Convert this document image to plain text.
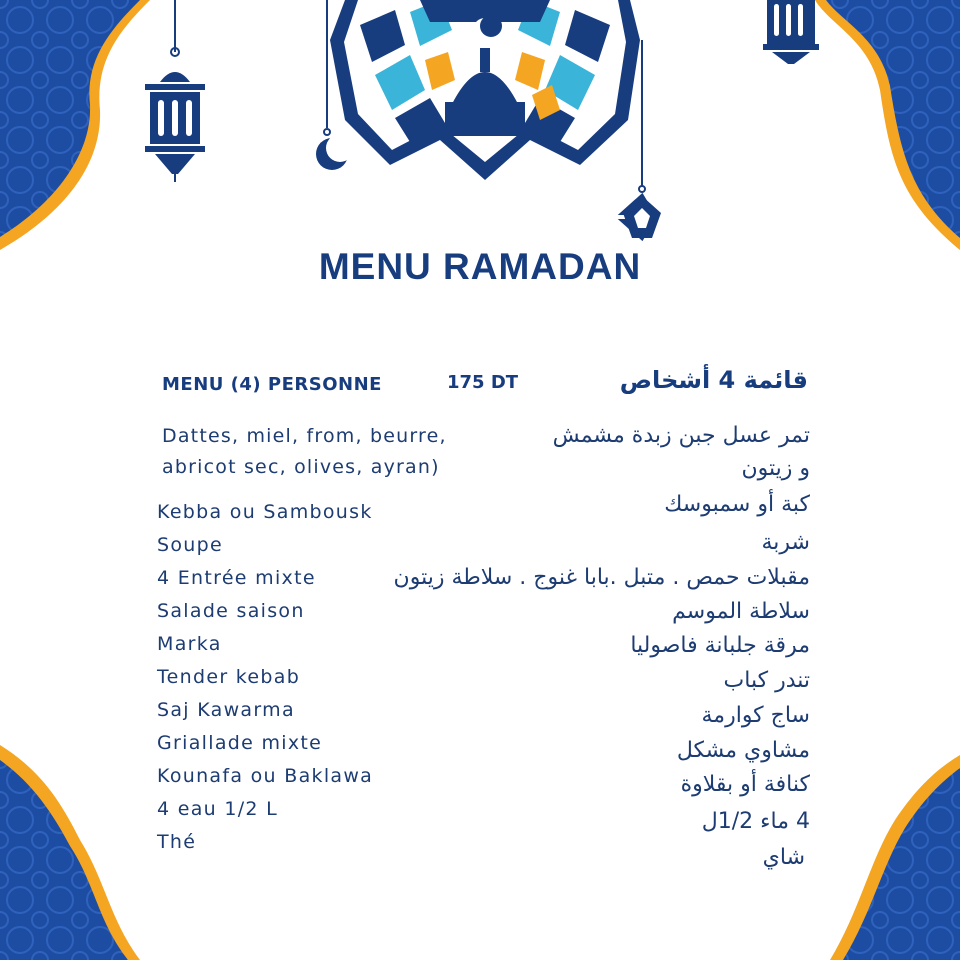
MENU RAMADAN
MENU (4) PERSONNE	175 DT	قائمة 4 أشخاص
Dattes, miel, from, beurre,
abricot sec, olives, ayran)
تمر عسل جبن زبدة مشمش
و زيتون
Kebba ou Sambousk
Soupe
4 Entrée mixte
Salade saison
Marka
Tender kebab
Saj Kawarma
Griallade mixte
Kounafa ou Baklawa
4 eau 1/2 L
Thé
كبة أو سمبوسك
شربة
مقبلات حمص . متبل .بابا غنوج . سلاطة زيتون
سلاطة الموسم
مرقة جلبانة فاصوليا
تندر كباب
ساج كوارمة
مشاوي مشكل
كنافة أو بقلاوة
4 ماء 1/2ل
شاي
